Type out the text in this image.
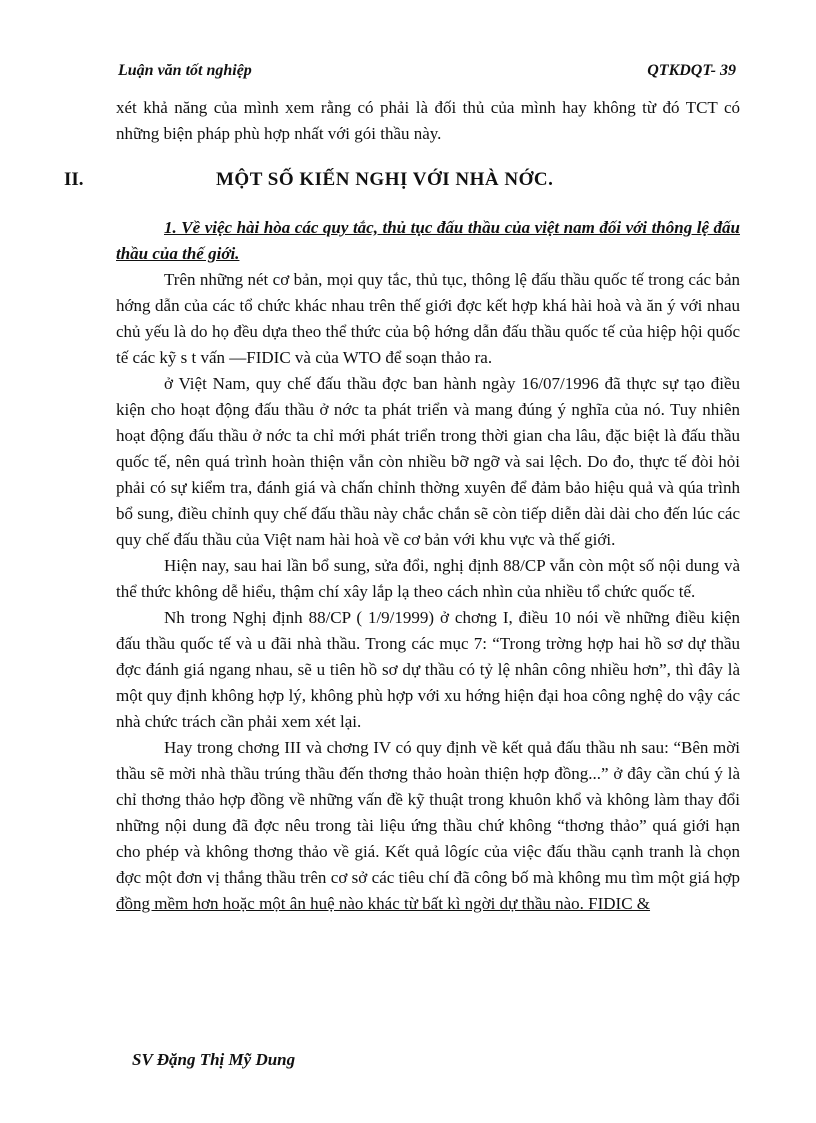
Luận văn tốt nghiệp	QTKDQT- 39

xét khả năng của mình xem rằng có phải là đối thủ của mình hay không từ đó TCT có những biện pháp phù hợp nhất với gói thầu này.

II.	MỘT SỐ KIẾN NGHỊ VỚI NHÀ NỚC.

1. Về việc hài hòa các quy tắc, thủ tục đấu thầu của việt nam đối với thông lệ đấu thầu của thế giới.

Trên những nét cơ bản, mọi quy tắc, thủ tục, thông lệ đấu thầu quốc tế trong các bản hớng dẫn của các tổ chức khác nhau trên thế giới đợc kết hợp khá hài hoà và ăn ý với nhau chủ yếu là do họ đều dựa theo thể thức của bộ hớng dẫn đấu thầu quốc tế của hiệp hội quốc tế các kỹ s t vấn —FIDIC và của WTO để soạn thảo ra.

ở Việt Nam, quy chế đấu thầu đợc ban hành ngày 16/07/1996 đã thực sự tạo điều kiện cho hoạt động đấu thầu ở nớc ta phát triển và mang đúng ý nghĩa của nó. Tuy nhiên hoạt động đấu thầu ở nớc ta chỉ mới phát triển trong thời gian cha lâu, đặc biệt là đấu thầu quốc tế, nên quá trình hoàn thiện vẫn còn nhiều bỡ ngỡ và sai lệch. Do đo, thực tế đòi hỏi phải có sự kiểm tra, đánh giá và chấn chỉnh thờng xuyên để đảm bảo hiệu quả và qúa trình bổ sung, điều chỉnh quy chế đấu thầu này chắc chắn sẽ còn tiếp diễn dài dài cho đến lúc các quy chế đấu thầu của Việt nam hài hoà về cơ bản với khu vực và thế giới.

Hiện nay, sau hai lần bổ sung, sửa đổi, nghị định 88/CP vẫn còn một số nội dung và thể thức không dễ hiểu, thậm chí xây lắp lạ theo cách nhìn của nhiều tổ chức quốc tế.

Nh trong Nghị định 88/CP ( 1/9/1999) ở chơng I, điều 10 nói về những điều kiện đấu thầu quốc tế và u đãi nhà thầu. Trong các mục 7: “Trong trờng hợp hai hồ sơ dự thầu đợc đánh giá ngang nhau, sẽ u tiên hồ sơ dự thầu có tỷ lệ nhân công nhiều hơn”, thì đây là một quy định không hợp lý, không phù hợp với xu hớng hiện đại hoa công nghệ do vậy các nhà chức trách cần phải xem xét lại.

Hay trong chơng III và chơng IV có quy định về kết quả đấu thầu nh sau: “Bên mời thầu sẽ mời nhà thầu trúng thầu đến thơng thảo hoàn thiện hợp đồng...” ở đây cần chú ý là chỉ thơng thảo hợp đồng về những vấn đề kỹ thuật trong khuôn khổ và không làm thay đổi những nội dung đã đợc nêu trong tài liệu ứng thầu chứ không “thơng thảo” quá giới hạn cho phép và không thơng thảo về giá. Kết quả lôgíc của việc đấu thầu cạnh tranh là chọn đợc một đơn vị thắng thầu trên cơ sở các tiêu chí đã công bố mà không mu tìm một giá hợp đồng mềm hơn hoặc một ân huệ nào khác từ bất kì ngời dự thầu nào. FIDIC &

SV Đặng Thị Mỹ Dung
